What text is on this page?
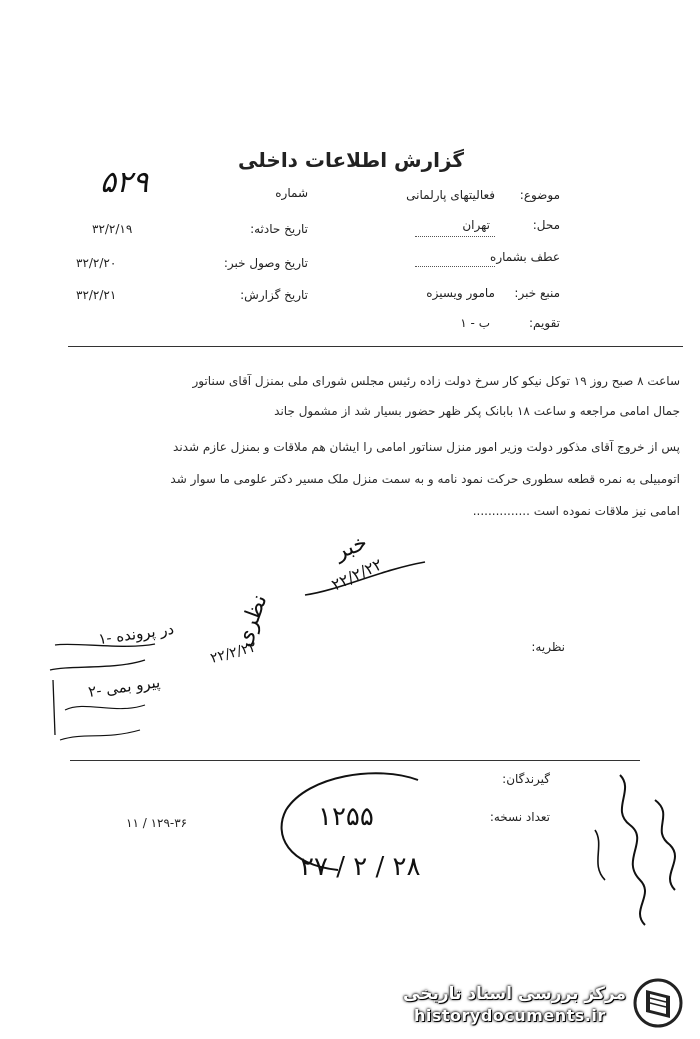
گزارش اطلاعات داخلی
موضوع:
فعالیتهای پارلمانی
محل:
تهران
عطف بشماره
منبع خبر:
مامور ویسیزه
تقویم:
ب - ۱
شماره
۵۲۹
تاریخ حادثه:
۳۲/۲/۱۹
تاریخ وصول خبر:
۳۲/۲/۲۰
تاریخ گزارش:
۳۲/۲/۲۱
ساعت ۸ صبح روز ۱۹ توکل نیکو کار سرخ دولت زاده رئیس مجلس شورای ملی بمنزل آقای سناتور
جمال امامی مراجعه و ساعت ۱۸ بابانک پکر ظهر حضور بسیار شد از مشمول جاند
پس از خروج آقای مذکور دولت وزیر امور منزل سناتور امامی را ایشان هم ملاقات و بمنزل عازم شدند
اتومبیلی به نمره قطعه سطوری حرکت نمود نامه و به سمت منزل ملک مسیر دکتر علومی ما سوار شد
امامی نیز ملاقات نموده است ...............
خبر
۲۲/۲/۲۲
نظریه:
نظری
۲۲/۲/۲۲
۱- در پرونده
۲- پیرو بمی
گیرندگان:
تعداد نسخه:
۱۲۹-۳۶ / ۱۱	۱۲۵۵
۲۷ / ۲ / ۲۸
مرکز بررسی اسناد تاریخی
historydocuments.ir
